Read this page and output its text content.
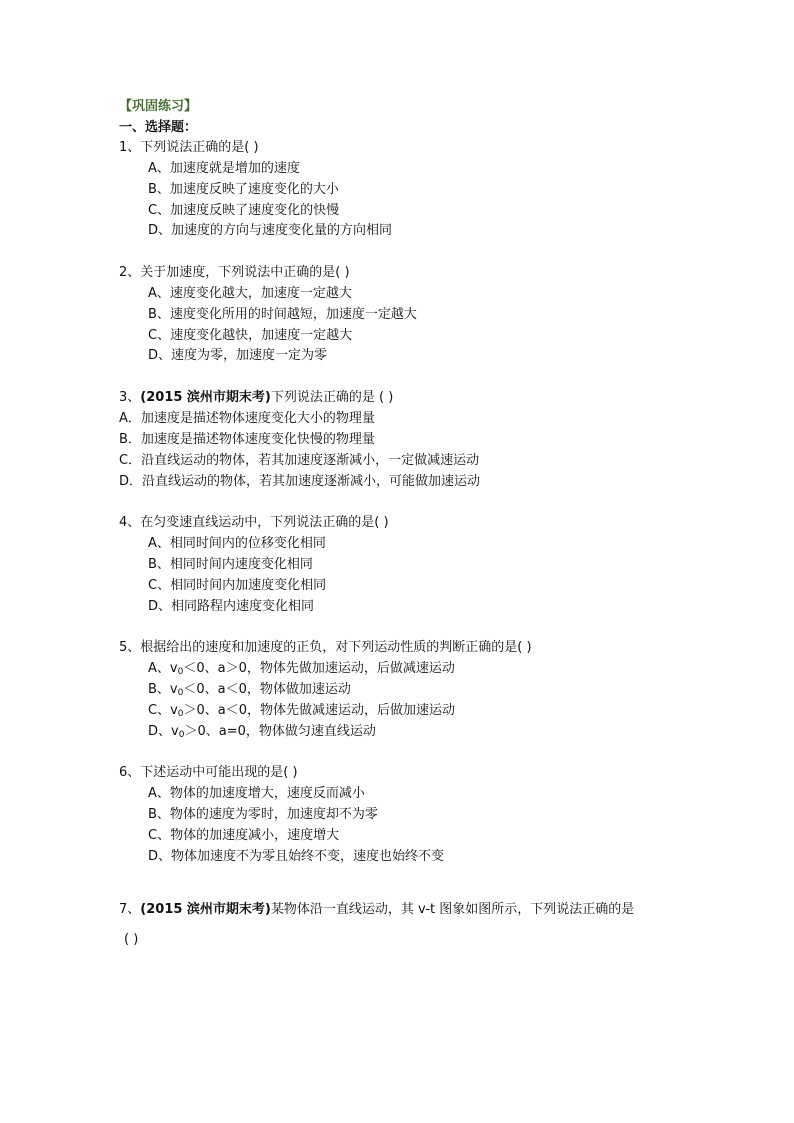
【巩固练习】
一、选择题：
1、下列说法正确的是( )
A、加速度就是增加的速度
B、加速度反映了速度变化的大小
C、加速度反映了速度变化的快慢
D、加速度的方向与速度变化量的方向相同
2、关于加速度，下列说法中正确的是( )
A、速度变化越大，加速度一定越大
B、速度变化所用的时间越短，加速度一定越大
C、速度变化越快，加速度一定越大
D、速度为零，加速度一定为零
3、(2015 滨州市期末考)下列说法正确的是 ( )
A．加速度是描述物体速度变化大小的物理量
B．加速度是描述物体速度变化快慢的物理量
C．沿直线运动的物体，若其加速度逐渐减小，一定做减速运动
D．沿直线运动的物体，若其加速度逐渐减小，可能做加速运动
4、在匀变速直线运动中，下列说法正确的是( )
A、相同时间内的位移变化相同
B、相同时间内速度变化相同
C、相同时间内加速度变化相同
D、相同路程内速度变化相同
5、根据给出的速度和加速度的正负，对下列运动性质的判断正确的是( )
A、$v_0<0$、a＞0，物体先做加速运动，后做减速运动
B、$v_0<0$、a＜0，物体做加速运动
C、$v_0>0$、a＜0，物体先做减速运动，后做加速运动
D、$v_0>0$、a=0，物体做匀速直线运动
6、下述运动中可能出现的是( )
A、物体的加速度增大，速度反而减小
B、物体的速度为零时，加速度却不为零
C、物体的加速度减小，速度增大
D、物体加速度不为零且始终不变，速度也始终不变
7、(2015 滨州市期末考)某物体沿一直线运动，其 v-t 图象如图所示，下列说法正确的是
( )
